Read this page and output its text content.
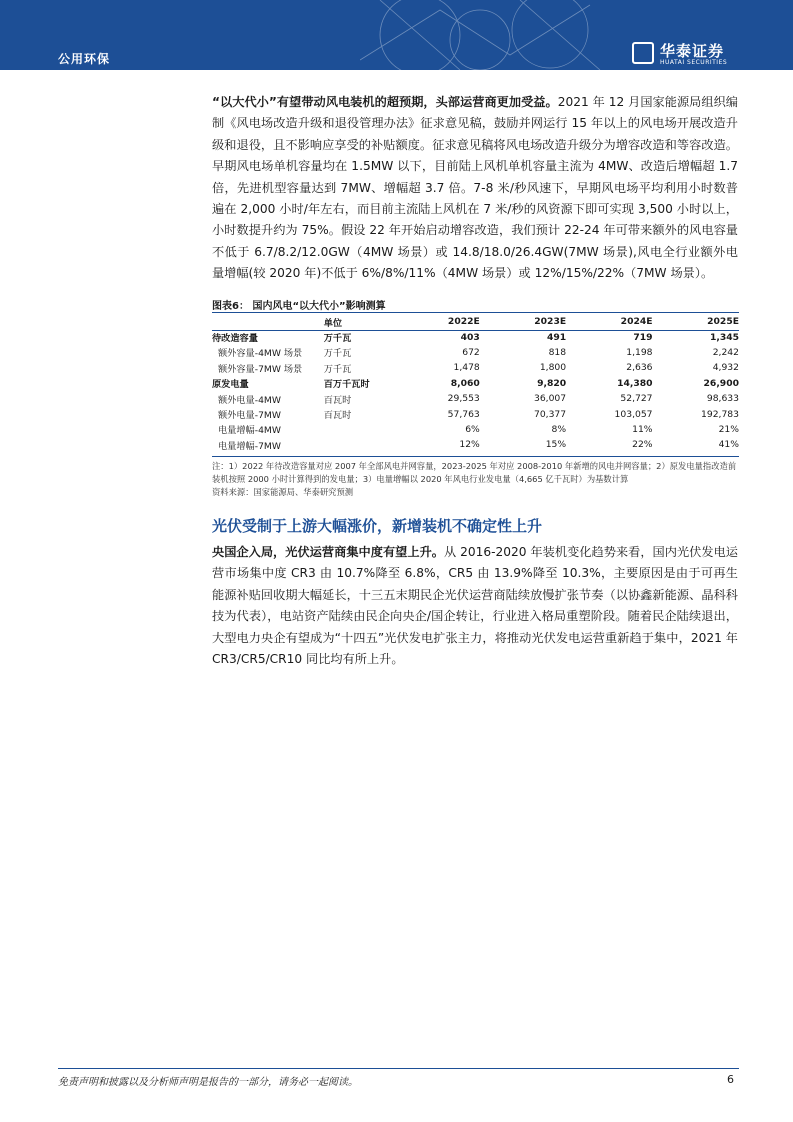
公用环保	华泰证券
HUATAI SECURITIES

“以大代小”有望带动风电装机的超预期，头部运营商更加受益。2021 年 12 月国家能源局组织编制《风电场改造升级和退役管理办法》征求意见稿，鼓励并网运行 15 年以上的风电场开展改造升级和退役，且不影响应享受的补贴额度。征求意见稿将风电场改造升级分为增容改造和等容改造。早期风电场单机容量均在 1.5MW 以下，目前陆上风机单机容量主流为 4MW、改造后增幅超 1.7 倍，先进机型容量达到 7MW、增幅超 3.7 倍。7-8 米/秒风速下，早期风电场平均利用小时数普遍在 2,000 小时/年左右，而目前主流陆上风机在 7 米/秒的风资源下即可实现 3,500 小时以上，小时数提升约为 75%。假设 22 年开始启动增容改造，我们预计 22-24 年可带来额外的风电容量不低于 6.7/8.2/12.0GW（4MW 场景）或 14.8/18.0/26.4GW(7MW 场景),风电全行业额外电量增幅(较 2020 年)不低于 6%/8%/11%（4MW 场景）或 12%/15%/22%（7MW 场景）。

图表6： 国内风电“以大代小”影响测算
	单位	2022E	2023E	2024E	2025E
待改造容量	万千瓦	403	491	719	1,345
额外容量-4MW 场景	万千瓦	672	818	1,198	2,242
额外容量-7MW 场景	万千瓦	1,478	1,800	2,636	4,932
原发电量	百万千瓦时	8,060	9,820	14,380	26,900
额外电量-4MW	百瓦时	29,553	36,007	52,727	98,633
额外电量-7MW	百瓦时	57,763	70,377	103,057	192,783
电量增幅-4MW		6%	8%	11%	21%
电量增幅-7MW		12%	15%	22%	41%
注：1）2022 年待改造容量对应 2007 年全部风电并网容量，2023-2025 年对应 2008-2010 年新增的风电并网容量；2）原发电量指改造前装机按照 2000 小时计算得到的发电量；3）电量增幅以 2020 年风电行业发电量（4,665 亿千瓦时）为基数计算
资料来源：国家能源局、华泰研究预测
光伏受制于上游大幅涨价，新增装机不确定性上升

央国企入局，光伏运营商集中度有望上升。从 2016-2020 年装机变化趋势来看，国内光伏发电运营市场集中度 CR3 由 10.7%降至 6.8%，CR5 由 13.9%降至 10.3%，主要原因是由于可再生能源补贴回收期大幅延长，十三五末期民企光伏运营商陆续放慢扩张节奏（以协鑫新能源、晶科科技为代表），电站资产陆续由民企向央企/国企转让，行业进入格局重塑阶段。随着民企陆续退出，大型电力央企有望成为“十四五”光伏发电扩张主力，将推动光伏发电运营重新趋于集中，2021 年 CR3/CR5/CR10 同比均有所上升。

免责声明和披露以及分析师声明是报告的一部分，请务必一起阅读。	6
